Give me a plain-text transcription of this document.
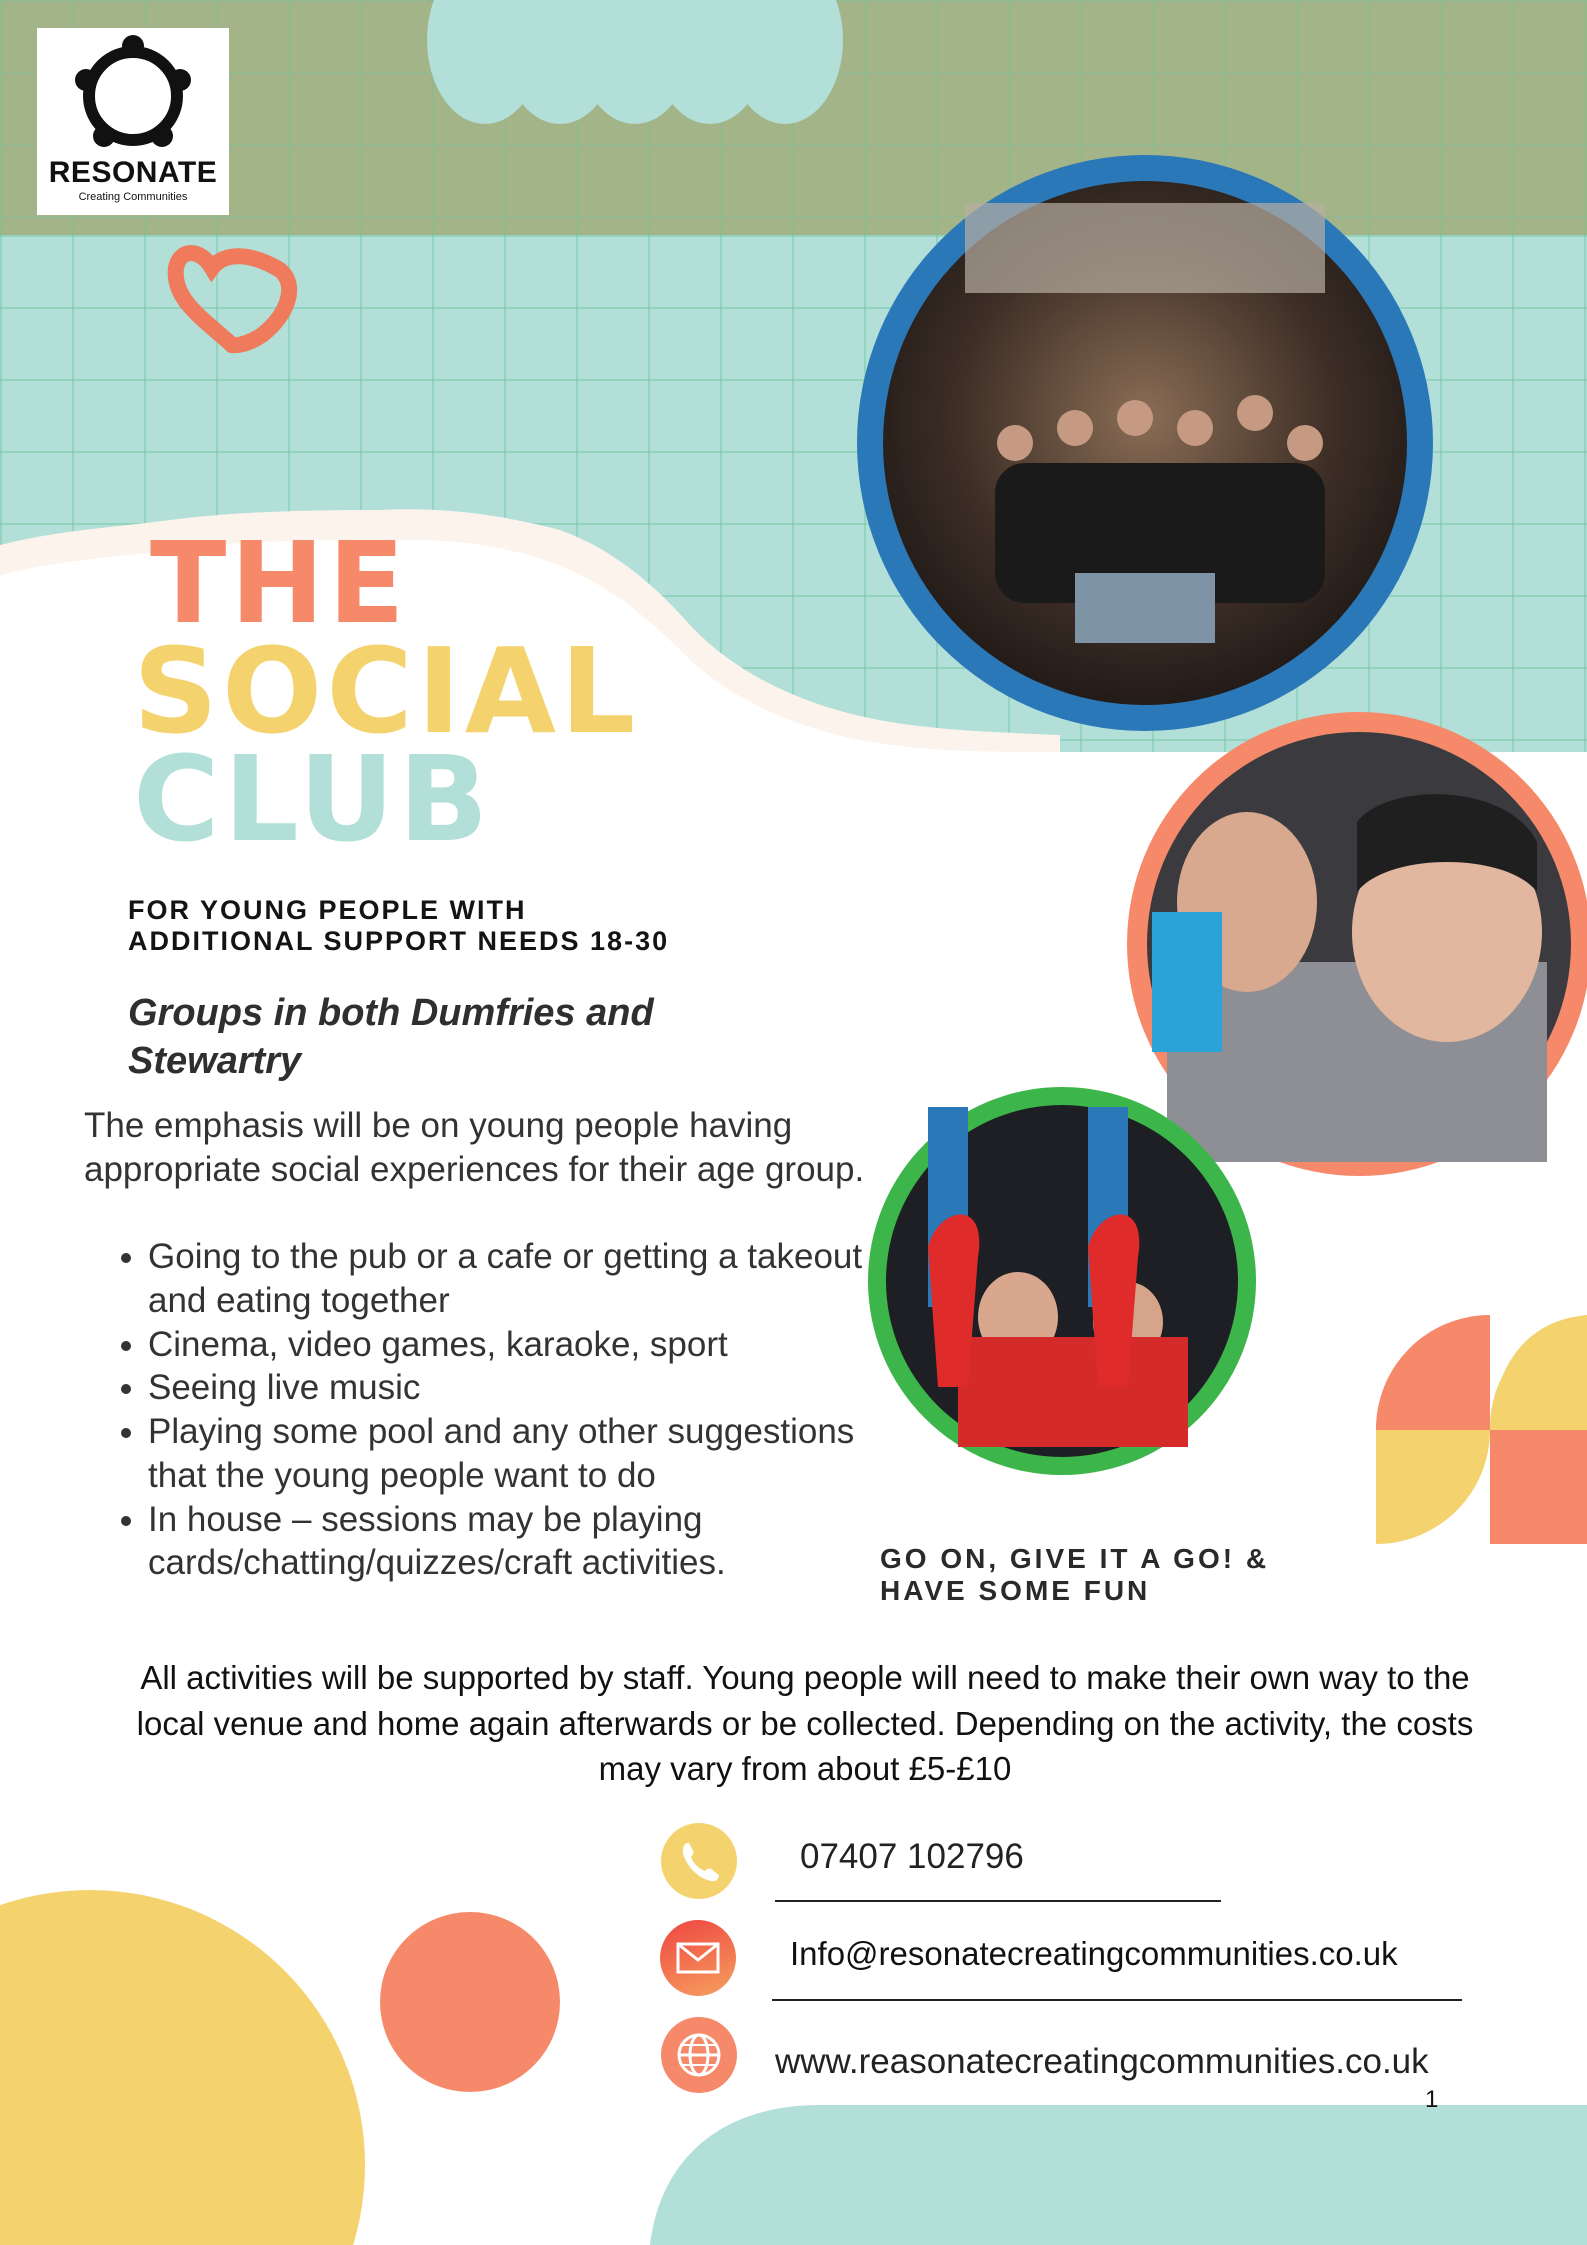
RESONATE
Creating Communities
THE
SOCIAL
CLUB
FOR YOUNG PEOPLE WITH
ADDITIONAL SUPPORT NEEDS 18-30
Groups in both Dumfries and
Stewartry
The emphasis will be on young people having appropriate social experiences for their age group.
• Going to the pub or a cafe or getting a takeout and eating together
• Cinema, video games, karaoke, sport
• Seeing live music
• Playing some pool and any other suggestions that the young people want to do
• In house – sessions may be playing cards/chatting/quizzes/craft activities.	GO ON, GIVE IT A GO! &
HAVE SOME FUN
All activities will be supported by staff. Young people will need to make their own way to the local venue and home again afterwards or be collected. Depending on the activity, the costs may vary from about £5-£10
07407 102796
Info@resonatecreatingcommunities.co.uk
www.reasonatecreatingcommunities.co.uk
1
